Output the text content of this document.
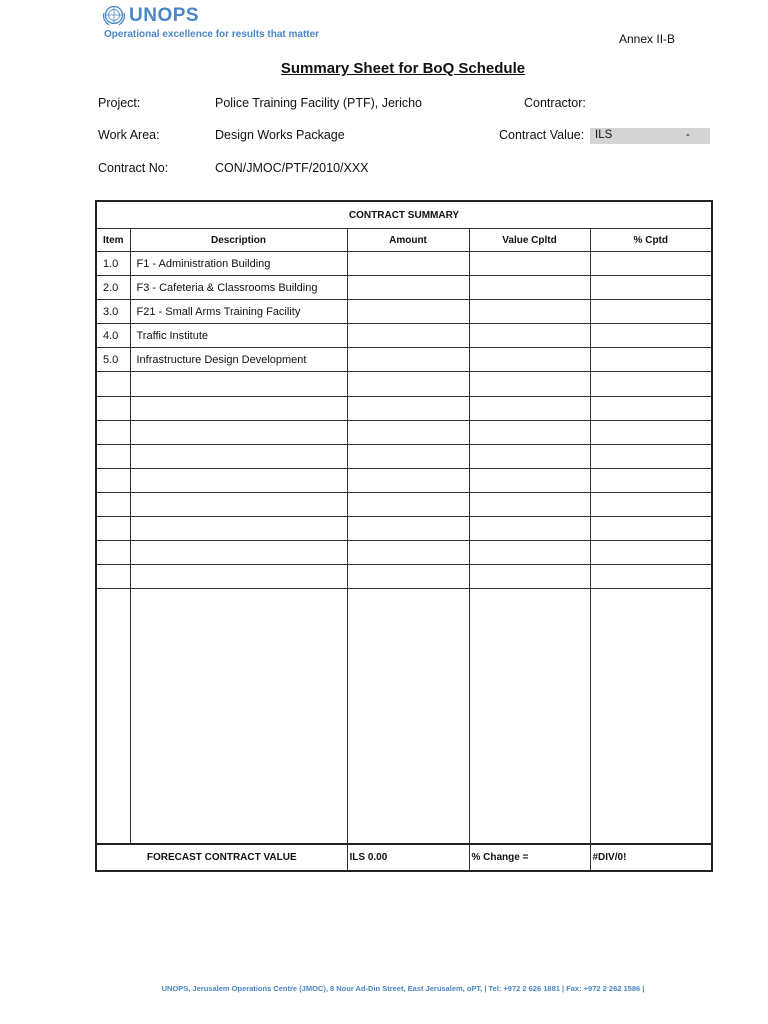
UNOPS
Operational excellence for results that matter	Annex II-B
Summary Sheet for BoQ Schedule
Project:	Police Training Facility (PTF), Jericho	Contractor:
Work Area:	Design Works Package	Contract Value: ILS	-
Contract No:	CON/JMOC/PTF/2010/XXX
CONTRACT SUMMARY				
Item	Description	Amount	Value Cpltd	% Cptd
1.0	F1 - Administration Building			
2.0	F3 - Cafeteria & Classrooms Building			
3.0	F21 - Small Arms Training Facility			
4.0	Traffic Institute			
5.0	Infrastructure Design Development			

FORECAST CONTRACT VALUE		ILS 0.00	% Change =	#DIV/0!
UNOPS, Jerusalem Operations Centre (JMOC), 8 Nour Ad-Din Street, East Jerusalem, oPT, | Tel: +972 2 626 1881 | Fax: +972 2 262 1586 |
